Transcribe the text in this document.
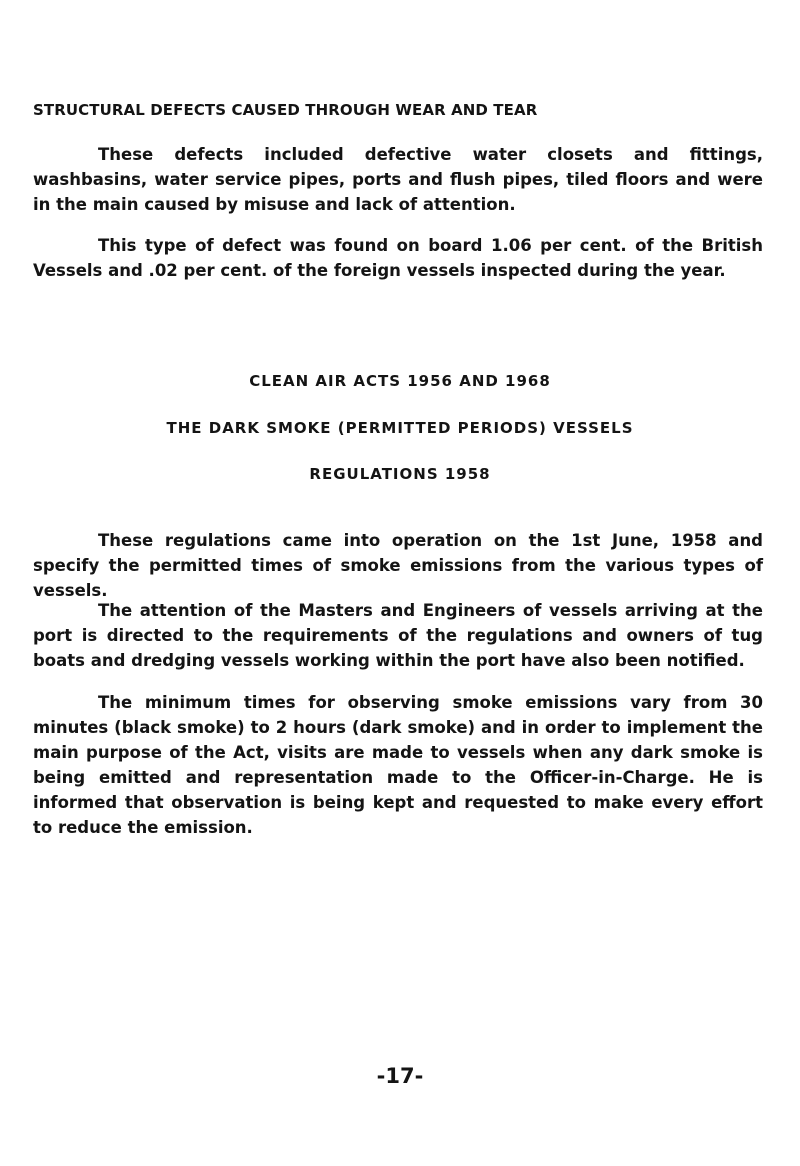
STRUCTURAL DEFECTS CAUSED THROUGH WEAR AND TEAR

These defects included defective water closets and fittings, washbasins, water service pipes, ports and flush pipes, tiled floors and were in the main caused by misuse and lack of attention.

This type of defect was found on board 1.06 per cent. of the British Vessels and .02 per cent. of the foreign vessels inspected during the year.

CLEAN AIR ACTS 1956 AND 1968
THE DARK SMOKE (PERMITTED PERIODS) VESSELS
REGULATIONS 1958

These regulations came into operation on the 1st June, 1958 and specify the permitted times of smoke emissions from the various types of vessels.

The attention of the Masters and Engineers of vessels arriving at the port is directed to the requirements of the regulations and owners of tug boats and dredging vessels working within the port have also been notified.

The minimum times for observing smoke emissions vary from 30 minutes (black smoke) to 2 hours (dark smoke) and in order to implement the main purpose of the Act, visits are made to vessels when any dark smoke is being emitted and representation made to the Officer-in-Charge. He is informed that observation is being kept and requested to make every effort to reduce the emission.

-17-
